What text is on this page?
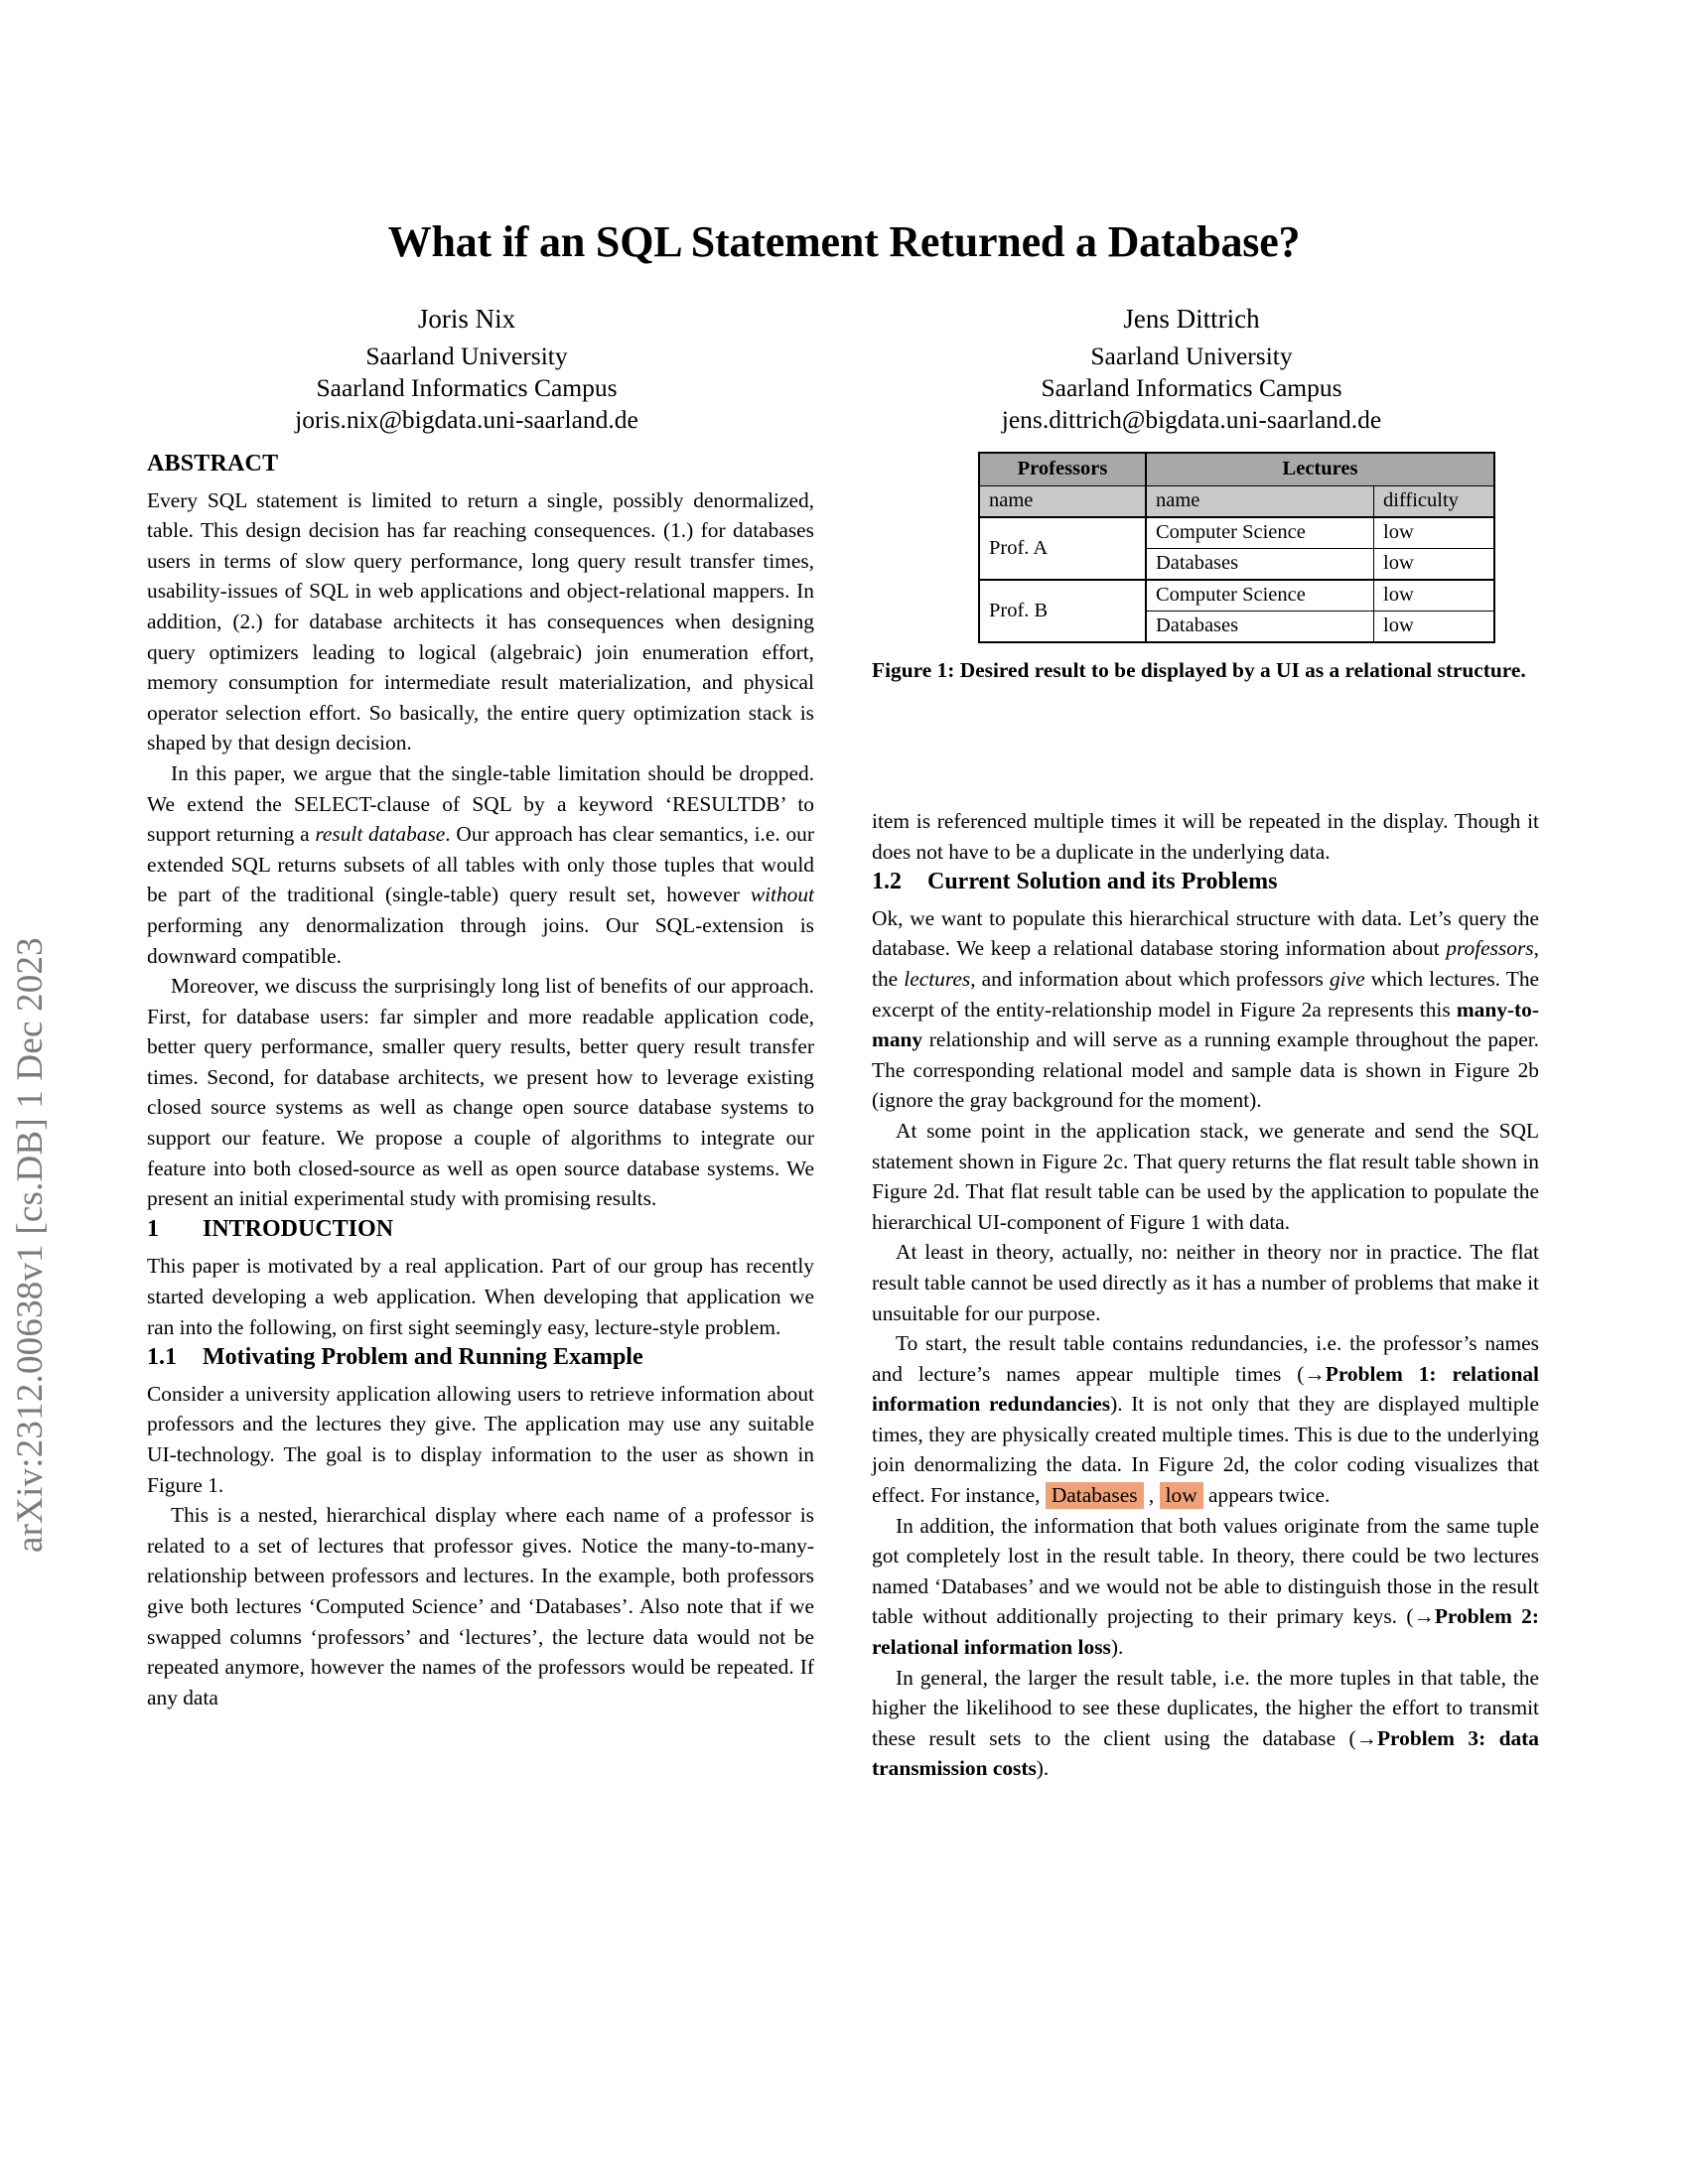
arXiv:2312.00638v1 [cs.DB] 1 Dec 2023
What if an SQL Statement Returned a Database?
Joris Nix
Saarland University
Saarland Informatics Campus
joris.nix@bigdata.uni-saarland.de
Jens Dittrich
Saarland University
Saarland Informatics Campus
jens.dittrich@bigdata.uni-saarland.de
Professors	Lectures	
name	name	difficulty
Prof. A	Computer Science	low
	Databases	low
Prof. B	Computer Science	low
	Databases	low
Figure 1: Desired result to be displayed by a UI as a relational structure.
ABSTRACT

Every SQL statement is limited to return a single, possibly denormalized, table. This design decision has far reaching consequences. (1.) for databases users in terms of slow query performance, long query result transfer times, usability-issues of SQL in web applications and object-relational mappers. In addition, (2.) for database architects it has consequences when designing query optimizers leading to logical (algebraic) join enumeration effort, memory consumption for intermediate result materialization, and physical operator selection effort. So basically, the entire query optimization stack is shaped by that design decision.

In this paper, we argue that the single-table limitation should be dropped. We extend the SELECT-clause of SQL by a keyword ‘RESULTDB’ to support returning a result database. Our approach has clear semantics, i.e. our extended SQL returns subsets of all tables with only those tuples that would be part of the traditional (single-table) query result set, however without performing any denormalization through joins. Our SQL-extension is downward compatible.

Moreover, we discuss the surprisingly long list of benefits of our approach. First, for database users: far simpler and more readable application code, better query performance, smaller query results, better query result transfer times. Second, for database architects, we present how to leverage existing closed source systems as well as change open source database systems to support our feature. We propose a couple of algorithms to integrate our feature into both closed-source as well as open source database systems. We present an initial experimental study with promising results.

1 INTRODUCTION

This paper is motivated by a real application. Part of our group has recently started developing a web application. When developing that application we ran into the following, on first sight seemingly easy, lecture-style problem.

1.1 Motivating Problem and Running Example

Consider a university application allowing users to retrieve information about professors and the lectures they give. The application may use any suitable UI-technology. The goal is to display information to the user as shown in Figure 1.

This is a nested, hierarchical display where each name of a professor is related to a set of lectures that professor gives. Notice the many-to-many-relationship between professors and lectures. In the example, both professors give both lectures ‘Computed Science’ and ‘Databases’. Also note that if we swapped columns ‘professors’ and ‘lectures’, the lecture data would not be repeated anymore, however the names of the professors would be repeated. If any data

item is referenced multiple times it will be repeated in the display. Though it does not have to be a duplicate in the underlying data.

1.2 Current Solution and its Problems

Ok, we want to populate this hierarchical structure with data. Let’s query the database. We keep a relational database storing information about professors, the lectures, and information about which professors give which lectures. The excerpt of the entity-relationship model in Figure 2a represents this many-to-many relationship and will serve as a running example throughout the paper. The corresponding relational model and sample data is shown in Figure 2b (ignore the gray background for the moment).

At some point in the application stack, we generate and send the SQL statement shown in Figure 2c. That query returns the flat result table shown in Figure 2d. That flat result table can be used by the application to populate the hierarchical UI-component of Figure 1 with data.

At least in theory, actually, no: neither in theory nor in practice. The flat result table cannot be used directly as it has a number of problems that make it unsuitable for our purpose.

To start, the result table contains redundancies, i.e. the professor’s names and lecture’s names appear multiple times (→Problem 1: relational information redundancies). It is not only that they are displayed multiple times, they are physically created multiple times. This is due to the underlying join denormalizing the data. In Figure 2d, the color coding visualizes that effect. For instance, Databases , low appears twice.

In addition, the information that both values originate from the same tuple got completely lost in the result table. In theory, there could be two lectures named ‘Databases’ and we would not be able to distinguish those in the result table without additionally projecting to their primary keys. (→Problem 2: relational information loss).

In general, the larger the result table, i.e. the more tuples in that table, the higher the likelihood to see these duplicates, the higher the effort to transmit these result sets to the client using the database (→Problem 3: data transmission costs).
